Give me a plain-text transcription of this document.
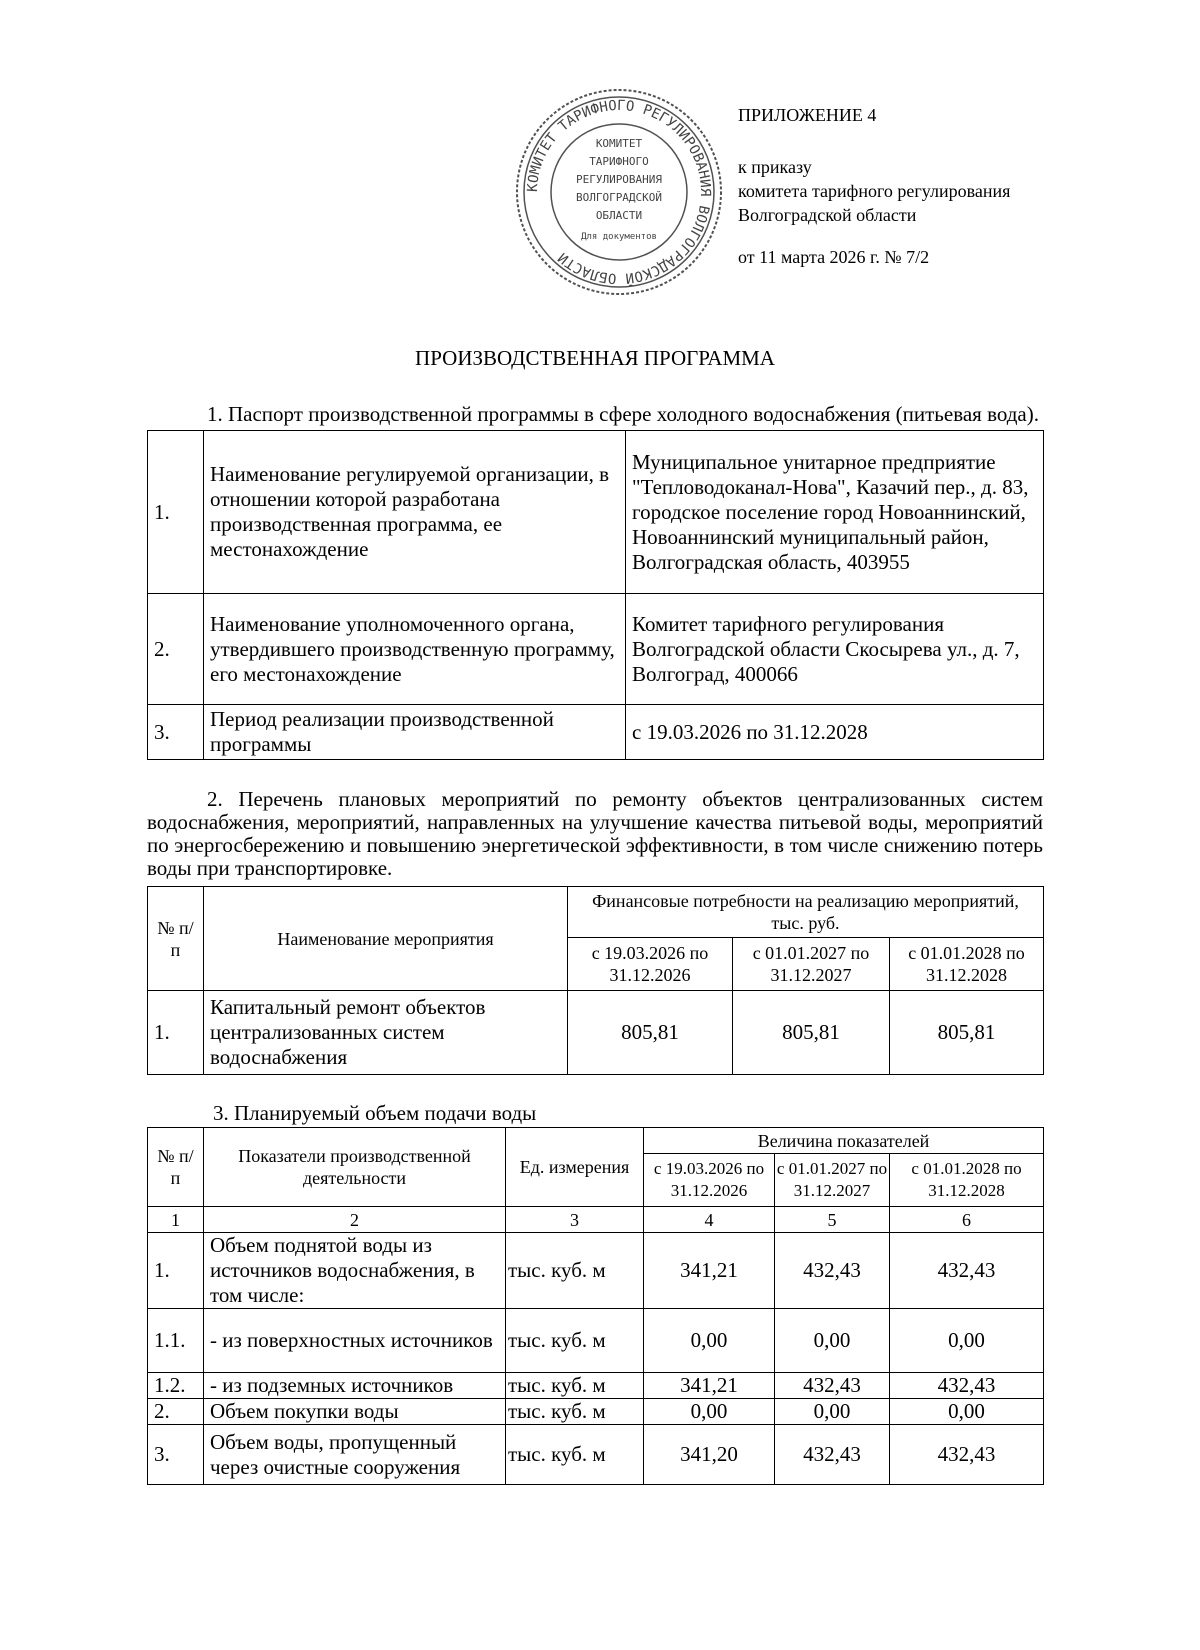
КОМИТЕТ ТАРИФНОГО РЕГУЛИРОВАНИЯ ВОЛГОГРАДСКОЙ ОБЛАСТИ
КОМИТЕТ
ТАРИФНОГО
РЕГУЛИРОВАНИЯ
ВОЛГОГРАДСКОЙ
ОБЛАСТИ
Для документов
ПРИЛОЖЕНИЕ 4
к приказу
комитета тарифного регулирования
Волгоградской области
от 11 марта 2026 г. № 7/2
ПРОИЗВОДСТВЕННАЯ ПРОГРАММА
1. Паспорт производственной программы в сфере холодного водоснабжения (питьевая вода).
1.	Наименование регулируемой организации, в отношении которой разработана производственная программа, ее местонахождение	Муниципальное унитарное предприятие "Тепловодоканал-Нова", Казачий пер., д. 83, городское поселение город Новоаннинский, Новоаннинский муниципальный район, Волгоградская область, 403955
2.	Наименование уполномоченного органа, утвердившего производственную программу, его местонахождение	Комитет тарифного регулирования Волгоградской области Скосырева ул., д. 7, Волгоград, 400066
3.	Период реализации производственной программы	с 19.03.2026 по 31.12.2028
2. Перечень плановых мероприятий по ремонту объектов централизованных систем водоснабжения, мероприятий, направленных на улучшение качества питьевой воды, мероприятий по энергосбережению и повышению энергетической эффективности, в том числе снижению потерь воды при транспортировке.
№ п/п	Наименование мероприятия	Финансовые потребности на реализацию мероприятий, тыс. руб.		
		с 19.03.2026 по 31.12.2026	с 01.01.2027 по 31.12.2027	с 01.01.2028 по 31.12.2028
1.	Капитальный ремонт объектов централизованных систем водоснабжения	805,81	805,81	805,81
3. Планируемый объем подачи воды
№ п/п	Показатели производственной деятельности	Ед. измерения	Величина показателей		
			с 19.03.2026 по 31.12.2026	с 01.01.2027 по 31.12.2027	с 01.01.2028 по 31.12.2028
1	2	3	4	5	6
1.	Объем поднятой воды из источников водоснабжения, в том числе:	тыс. куб. м	341,21	432,43	432,43
1.1.	- из поверхностных источников	тыс. куб. м	0,00	0,00	0,00
1.2.	- из подземных источников	тыс. куб. м	341,21	432,43	432,43
2.	Объем покупки воды	тыс. куб. м	0,00	0,00	0,00
3.	Объем воды, пропущенный через очистные сооружения	тыс. куб. м	341,20	432,43	432,43
